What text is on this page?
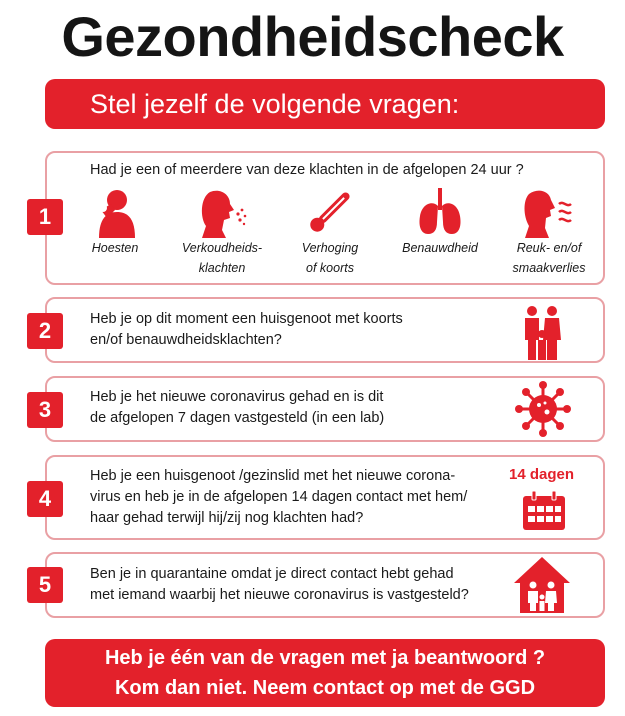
Gezondheidscheck
Stel jezelf de volgende vragen:
1
Had je een of meerdere van deze klachten in de afgelopen 24 uur ?
Hoesten	Verkoudheids-
klachten
Verhoging
of koorts
Benauwdheid	Reuk- en/of
smaakverlies
2	Heb je op dit moment een huisgenoot met koorts
en/of benauwdheidsklachten?
3	Heb je het nieuwe coronavirus gehad en is dit
de afgelopen 7 dagen vastgesteld (in een lab)
4
Heb je een huisgenoot /gezinslid met het nieuwe corona-
virus en heb je in de afgelopen 14 dagen contact met hem/
haar gehad terwijl hij/zij nog klachten had?
14 dagen
5	Ben je in quarantaine omdat je direct contact hebt gehad
met iemand waarbij het nieuwe coronavirus is vastgesteld?
Heb je één van de vragen met ja beantwoord ?
Kom dan niet. Neem contact op met de GGD
